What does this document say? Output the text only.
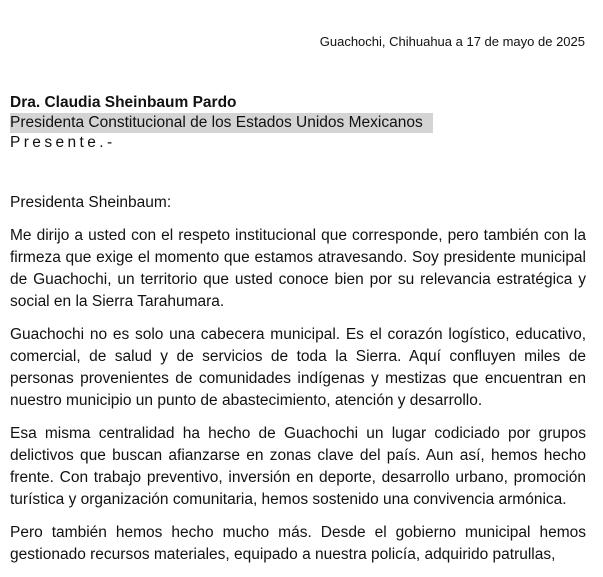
Guachochi, Chihuahua a 17 de mayo de 2025
Dra. Claudia Sheinbaum Pardo
Presidenta Constitucional de los Estados Unidos Mexicanos
Presente.-
Presidenta Sheinbaum:

Me dirijo a usted con el respeto institucional que corresponde, pero también con la firmeza que exige el momento que estamos atravesando. Soy presidente municipal de Guachochi, un territorio que usted conoce bien por su relevancia estratégica y social en la Sierra Tarahumara.

Guachochi no es solo una cabecera municipal. Es el corazón logístico, educativo, comercial, de salud y de servicios de toda la Sierra. Aquí confluyen miles de personas provenientes de comunidades indígenas y mestizas que encuentran en nuestro municipio un punto de abastecimiento, atención y desarrollo.

Esa misma centralidad ha hecho de Guachochi un lugar codiciado por grupos delictivos que buscan afianzarse en zonas clave del país. Aun así, hemos hecho frente. Con trabajo preventivo, inversión en deporte, desarrollo urbano, promoción turística y organización comunitaria, hemos sostenido una convivencia armónica.

Pero también hemos hecho mucho más. Desde el gobierno municipal hemos gestionado recursos materiales, equipado a nuestra policía, adquirido patrullas,
